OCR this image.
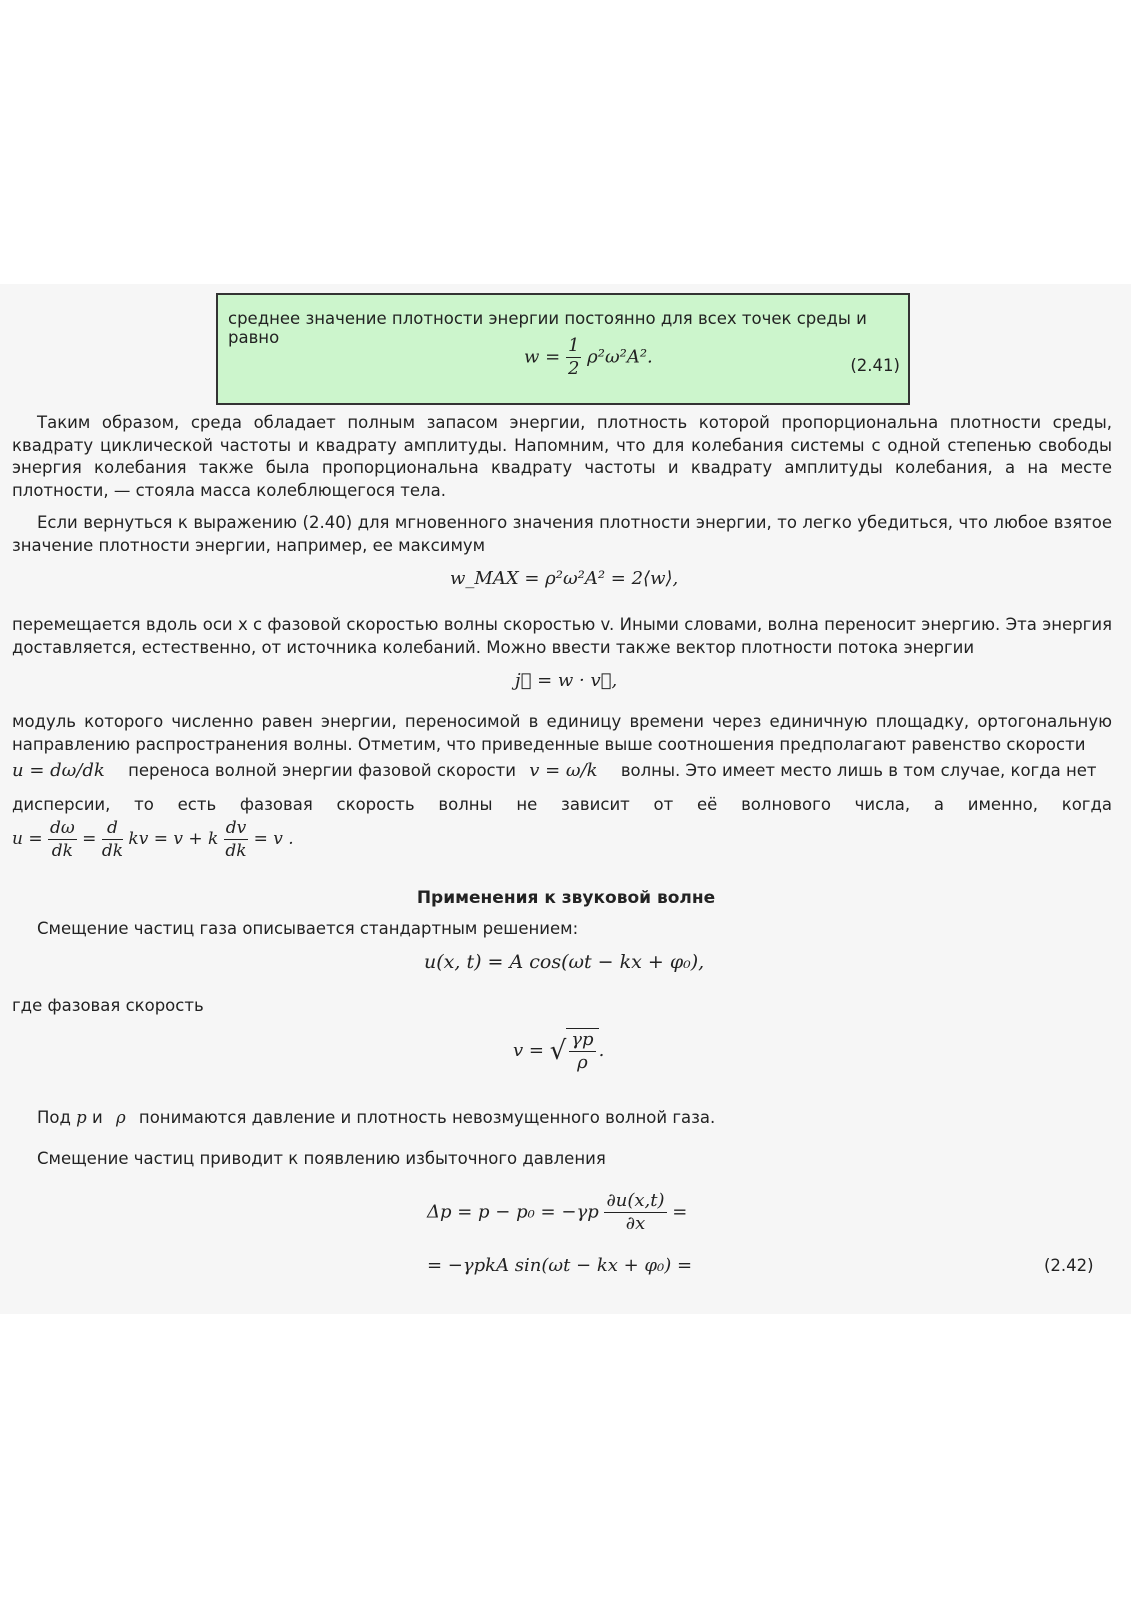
среднее значение плотности энергии постоянно для всех точек среды и равно
$w = \frac{1}{2} \rho^2\omega^2A^2$.	(2.41)
Таким образом, среда обладает полным запасом энергии, плотность которой пропорциональна плотности среды, квадрату циклической частоты и квадрату амплитуды. Напомним, что для колебания системы с одной степенью свободы энергия колебания также была пропорциональна квадрату частоты и квадрату амплитуды колебания, а на месте плотности, — стояла масса колеблющегося тела.
Если вернуться к выражению (2.40) для мгновенного значения плотности энергии, то легко убедиться, что любое взятое значение плотности энергии, например, ее максимум
w_MAX = ρ²ω²A² = 2⟨w⟩,
перемещается вдоль оси x с фазовой скоростью волны скоростью v. Иными словами, волна переносит энергию. Эта энергия доставляется, естественно, от источника колебаний. Можно ввести также вектор плотности потока энергии
j⃗ = w · v⃗,
модуль которого численно равен энергии, переносимой в единицу времени через единичную площадку, ортогональную направлению распространения волны. Отметим, что приведенные выше соотношения предполагают равенство скорости
u = dω/dk переноса волной энергии фазовой скорости v = ω/k волны. Это имеет место лишь в том случае, когда нет
дисперсии, то есть фазовая скорость волны не зависит от её волнового числа, а именно, когда
$u = \frac{d\omega}{dk} = \frac{d}{dk}$ kv = v + k $\frac{dv}{dk} = v$ .
Применения к звуковой волне
Смещение частиц газа описывается стандартным решением:
u(x, t) = A cos(ωt − kx + φ₀),
где фазовая скорость
v = √ $\frac{\gamma p}{\rho}$ .
Под p и ρ понимаются давление и плотность невозмущенного волной газа.
Смещение частиц приводит к появлению избыточного давления
$\Delta p = p - p_0 = -\gamma p \frac{\partial u(x,t)}{\partial x}$ =
= −γpkA sin(ωt − kx + φ₀) =	(2.42)
